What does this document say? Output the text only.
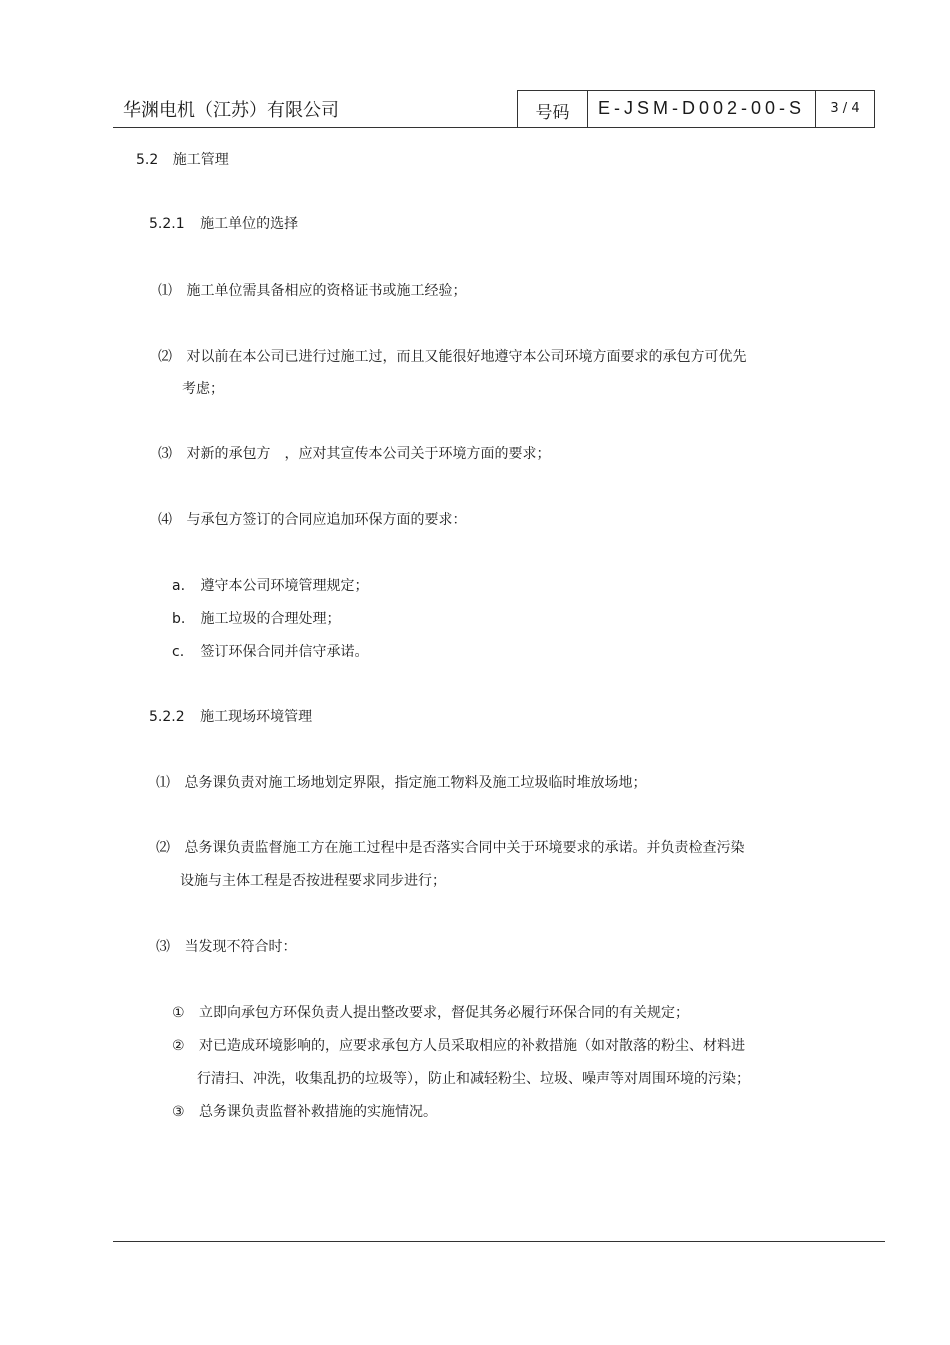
华渊电机（江苏）有限公司	号码	E-JSM-D002-00-S	3 / 4
5.2 施工管理
5.2.1 施工单位的选择
⑴ 施工单位需具备相应的资格证书或施工经验；
⑵ 对以前在本公司已进行过施工过，而且又能很好地遵守本公司环境方面要求的承包方可优先
考虑；
⑶ 对新的承包方　，应对其宣传本公司关于环境方面的要求；
⑷ 与承包方签订的合同应追加环保方面的要求：
a. 遵守本公司环境管理规定；
b. 施工垃圾的合理处理；
c. 签订环保合同并信守承诺。
5.2.2 施工现场环境管理
⑴ 总务课负责对施工场地划定界限，指定施工物料及施工垃圾临时堆放场地；
⑵ 总务课负责监督施工方在施工过程中是否落实合同中关于环境要求的承诺。并负责检查污染
设施与主体工程是否按进程要求同步进行；
⑶ 当发现不符合时：
① 立即向承包方环保负责人提出整改要求，督促其务必履行环保合同的有关规定；
② 对已造成环境影响的，应要求承包方人员采取相应的补救措施（如对散落的粉尘、材料进
行清扫、冲洗，收集乱扔的垃圾等），防止和减轻粉尘、垃圾、噪声等对周围环境的污染；
③ 总务课负责监督补救措施的实施情况。
